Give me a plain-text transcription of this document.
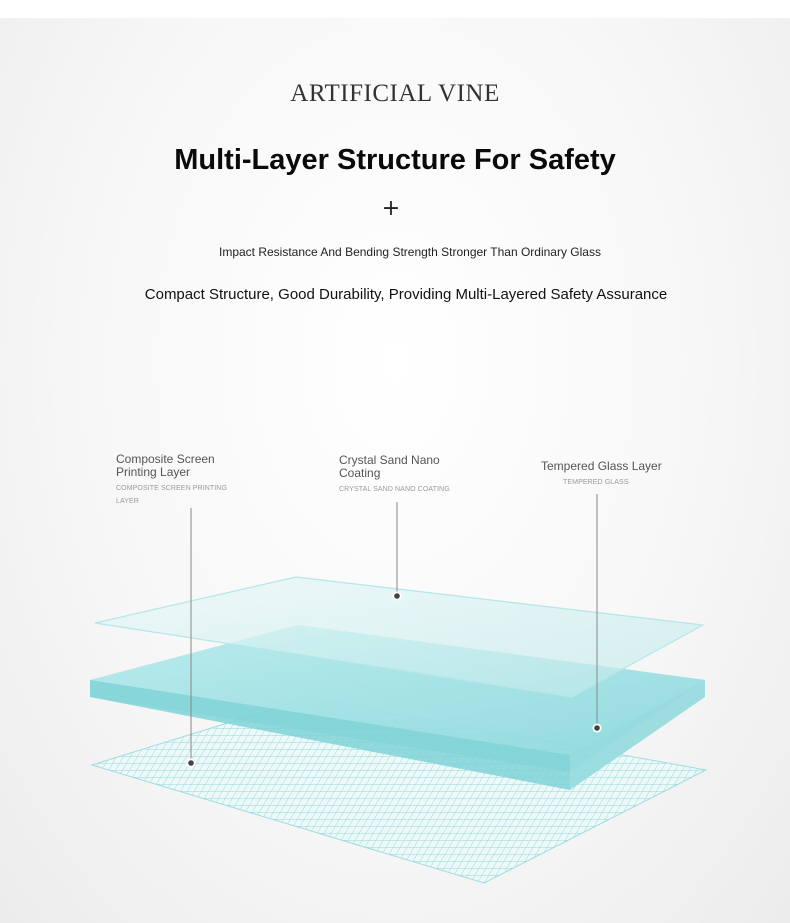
ARTIFICIAL VINE
Multi-Layer Structure For Safety
+
Impact Resistance And Bending Strength Stronger Than Ordinary Glass
Compact Structure, Good Durability, Providing Multi-Layered Safety Assurance
Composite Screen
Printing Layer
COMPOSITE SCREEN PRINTING LAYER
Crystal Sand Nano
Coating
CRYSTAL SAND NANO COATING
Tempered Glass Layer
TEMPERED GLASS
